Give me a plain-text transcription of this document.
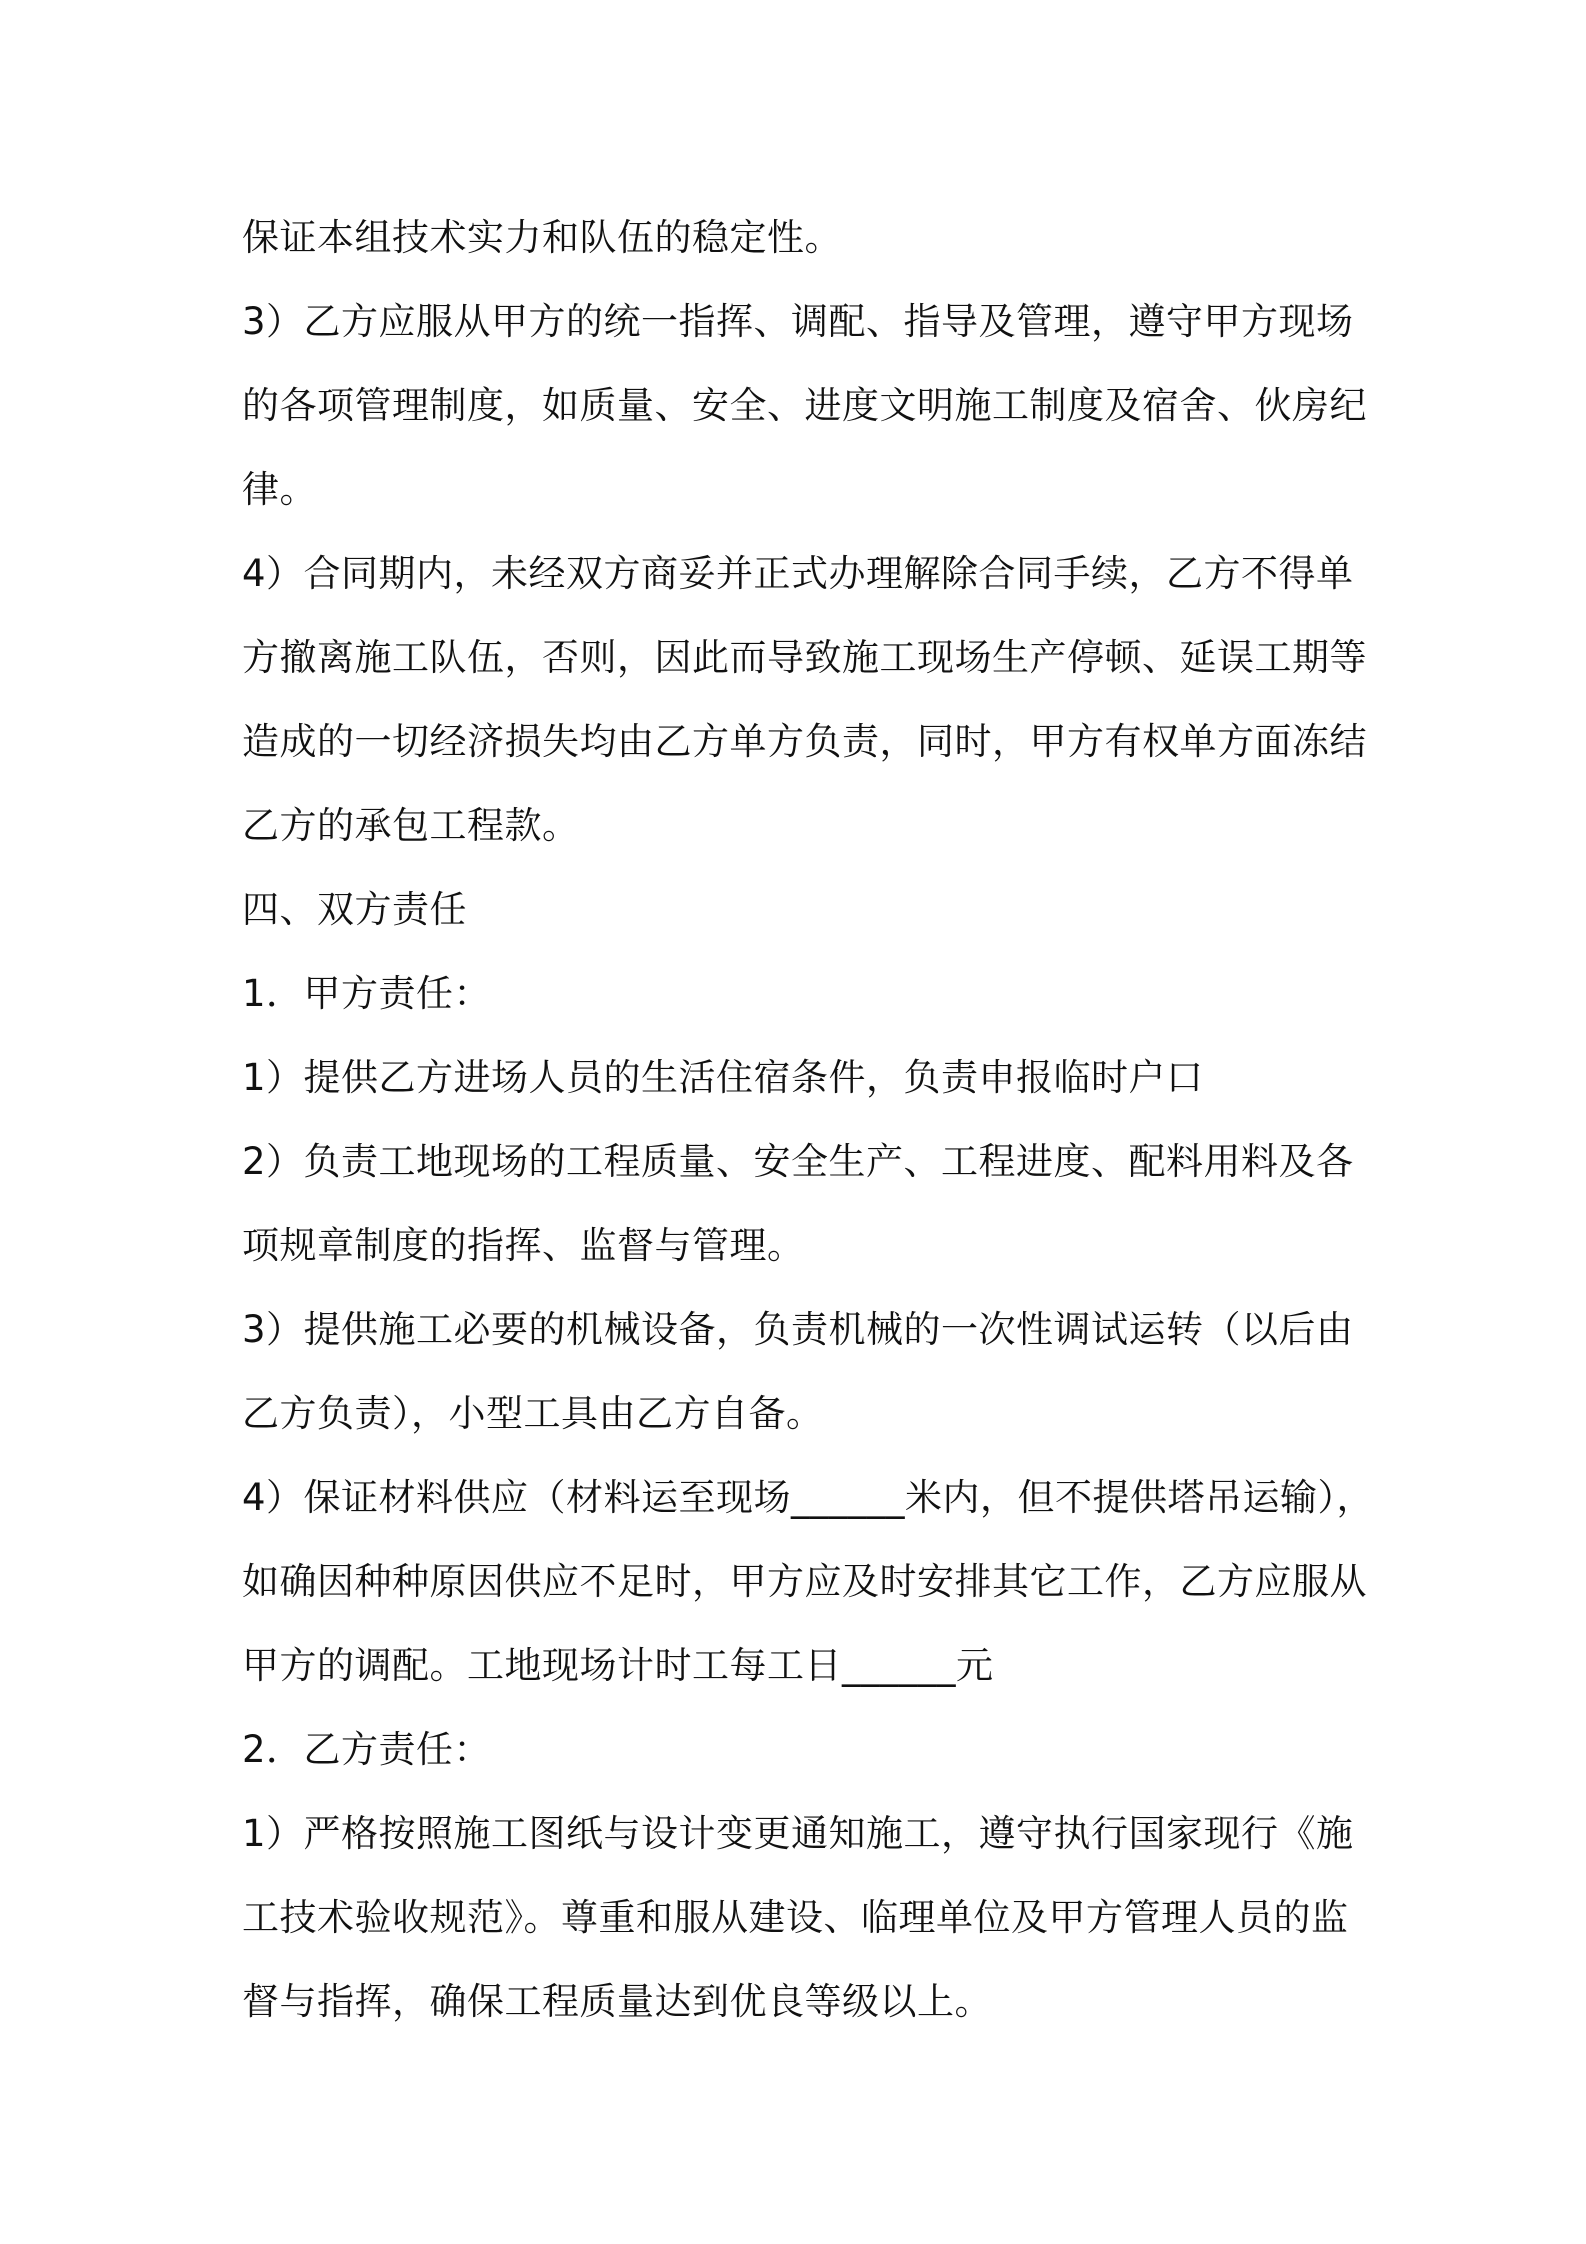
保证本组技术实力和队伍的稳定性。
3）乙方应服从甲方的统一指挥、调配、指导及管理，遵守甲方现场
的各项管理制度，如质量、安全、进度文明施工制度及宿舍、伙房纪
律。
4）合同期内，未经双方商妥并正式办理解除合同手续，乙方不得单
方撤离施工队伍，否则，因此而导致施工现场生产停顿、延误工期等
造成的一切经济损失均由乙方单方负责，同时，甲方有权单方面冻结
乙方的承包工程款。
四、双方责任
1．甲方责任：
1）提供乙方进场人员的生活住宿条件，负责申报临时户口
2）负责工地现场的工程质量、安全生产、工程进度、配料用料及各
项规章制度的指挥、监督与管理。
3）提供施工必要的机械设备，负责机械的一次性调试运转（以后由
乙方负责），小型工具由乙方自备。
4）保证材料供应（材料运至现场______米内，但不提供塔吊运输），
如确因种种原因供应不足时，甲方应及时安排其它工作，乙方应服从
甲方的调配。工地现场计时工每工日______元
2．乙方责任：
1）严格按照施工图纸与设计变更通知施工，遵守执行国家现行《施
工技术验收规范》。尊重和服从建设、临理单位及甲方管理人员的监
督与指挥，确保工程质量达到优良等级以上。
